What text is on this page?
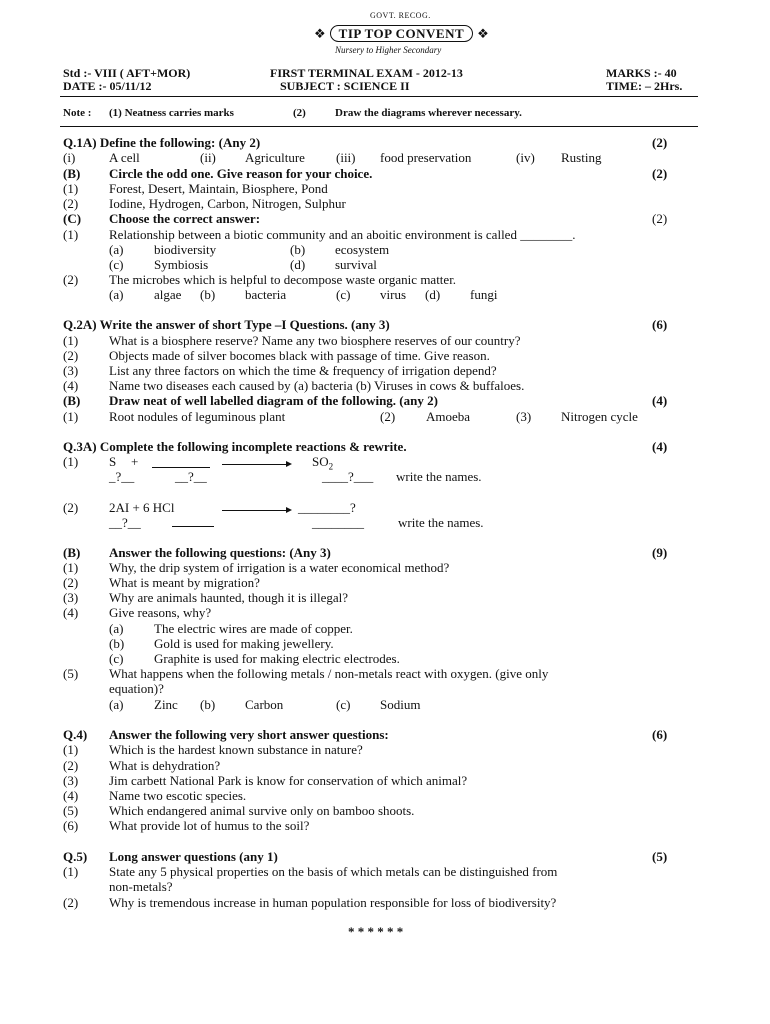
GOVT. RECOG.
❖ TIP TOP CONVENT ❖
Nursery to Higher Secondary
Std :- VIII ( AFT+MOR)
DATE :- 05/11/12
FIRST TERMINAL EXAM - 2012-13
SUBJECT : SCIENCE II
MARKS :- 40
TIME: – 2Hrs.
Note : (1) Neatness carries marks	(2)	Draw the diagrams wherever necessary.
Q.1A) Define the following: (Any 2)	(2)
(i)	A cell	(ii) Agriculture (iii) food preservation	(iv) Rusting
(B) Circle the odd one. Give reason for your choice.	(2)
(1) Forest, Desert, Maintain, Biosphere, Pond
(2) Iodine, Hydrogen, Carbon, Nitrogen, Sulphur
(C) Choose the correct answer:	(2)
(1) Relationship between a biotic community and an aboitic environment is called ________.
(a) biodiversity	(b) ecosystem
(c) Symbiosis	(d) survival
(2) The microbes which is helpful to decompose waste organic matter.
(a) algae (b) bacteria	(c) virus (d) fungi
Q.2A) Write the answer of short Type –I Questions. (any 3)	(6)
(1) What is a biosphere reserve? Name any two biosphere reserves of our country?
(2) Objects made of silver bocomes black with passage of time. Give reason.
(3) List any three factors on which the time & frequency of irrigation depend?
(4) Name two diseases each caused by (a) bacteria (b) Viruses in cows & buffaloes.
(B) Draw neat of well labelled diagram of the following. (any 2)	(4)
(1) Root nodules of leguminous plant	(2) Amoeba	(3) Nitrogen cycle
Q.3A) Complete the following incomplete reactions & rewrite.	(4)
(1) S +	$SO_2$
_?__	__?__	____?___ write the names.
(2) 2AI + 6 HCl	________?
__?__	________	write the names.
(B) Answer the following questions: (Any 3)	(9)
(1) Why, the drip system of irrigation is a water economical method?
(2) What is meant by migration?
(3) Why are animals haunted, though it is illegal?
(4) Give reasons, why?
(a) The electric wires are made of copper.
(b) Gold is used for making jewellery.
(c) Graphite is used for making electric electrodes.
(5) What happens when the following metals / non-metals react with oxygen. (give only
equation)?
(a) Zinc (b) Carbon	(c) Sodium
Q.4) Answer the following very short answer questions:	(6)
(1) Which is the hardest known substance in nature?
(2) What is dehydration?
(3) Jim carbett National Park is know for conservation of which animal?
(4) Name two escotic species.
(5) Which endangered animal survive only on bamboo shoots.
(6) What provide lot of humus to the soil?
Q.5) Long answer questions (any 1)	(5)
(1) State any 5 physical properties on the basis of which metals can be distinguished from
non-metals?
(2) Why is tremendous increase in human population responsible for loss of biodiversity?
* * * * * *
